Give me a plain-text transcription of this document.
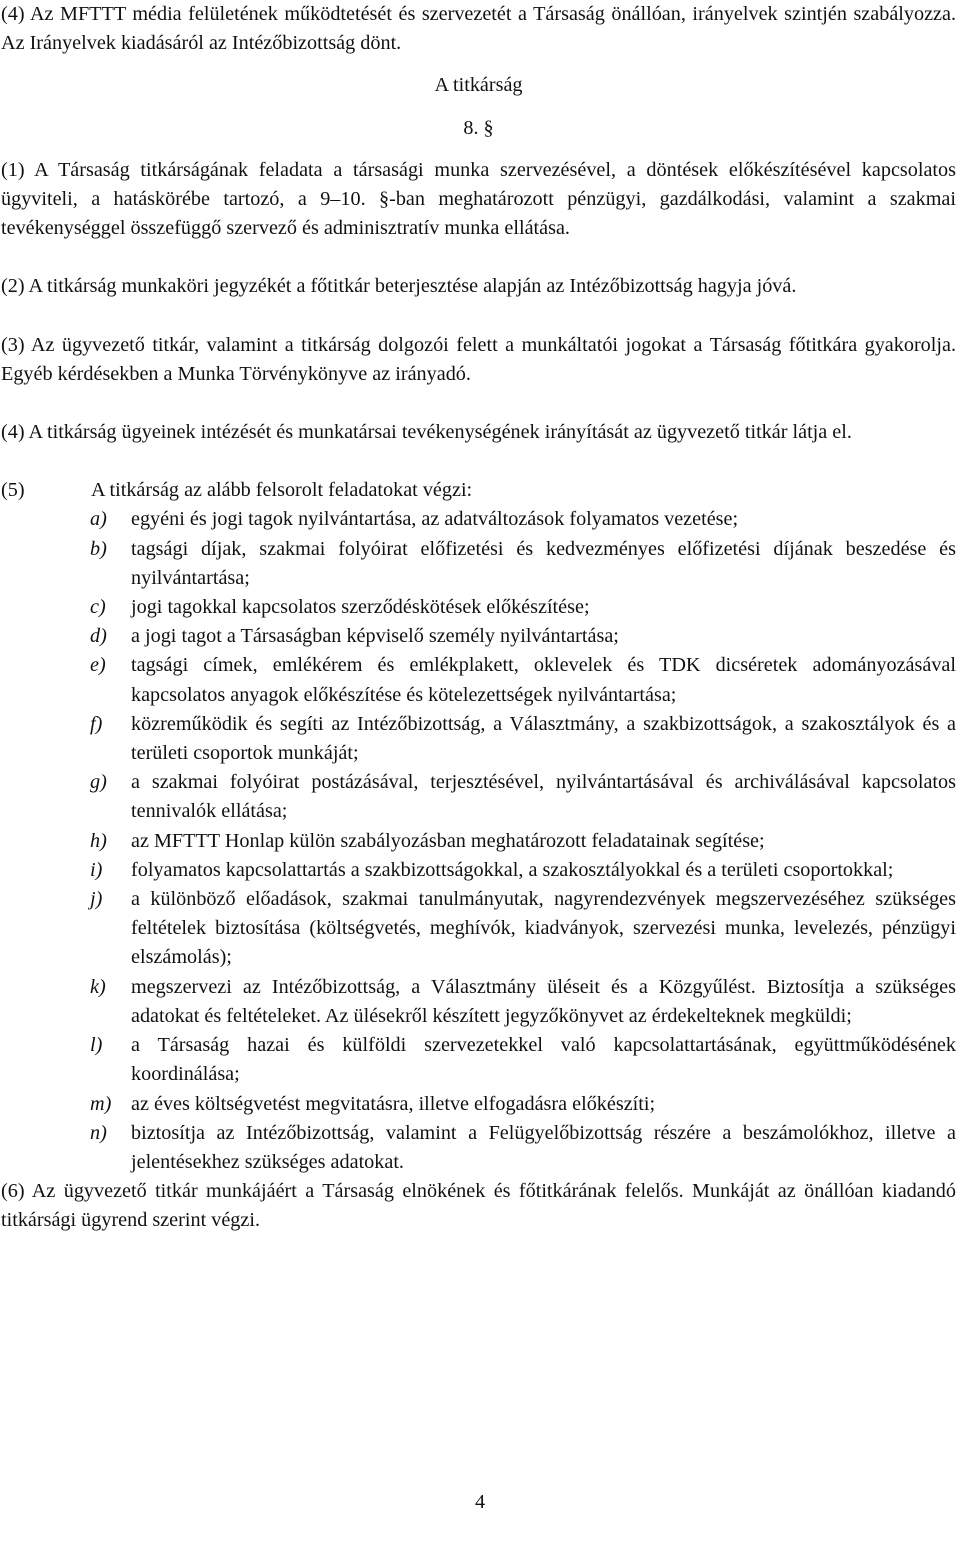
(4) Az MFTTT média felületének működtetését és szervezetét a Társaság önállóan, irányelvek szintjén szabályozza. Az Irányelvek kiadásáról az Intézőbizottság dönt.

A titkárság

8. §

(1) A Társaság titkárságának feladata a társasági munka szervezésével, a döntések előkészítésével kapcsolatos ügyviteli, a hatáskörébe tartozó, a 9–10. §-ban meghatározott pénzügyi, gazdálkodási, valamint a szakmai tevékenységgel összefüggő szervező és adminisztratív munka ellátása.

(2) A titkárság munkaköri jegyzékét a főtitkár beterjesztése alapján az Intézőbizottság hagyja jóvá.

(3) Az ügyvezető titkár, valamint a titkárság dolgozói felett a munkáltatói jogokat a Társaság főtitkára gyakorolja. Egyéb kérdésekben a Munka Törvénykönyve az irányadó.

(4) A titkárság ügyeinek intézését és munkatársai tevékenységének irányítását az ügyvezető titkár látja el.

(5)	A titkárság az alább felsorolt feladatokat végzi:
a)	egyéni és jogi tagok nyilvántartása, az adatváltozások folyamatos vezetése;
b)	tagsági díjak, szakmai folyóirat előfizetési és kedvezményes előfizetési díjának beszedése és nyilvántartása;
c)	jogi tagokkal kapcsolatos szerződéskötések előkészítése;
d)	a jogi tagot a Társaságban képviselő személy nyilvántartása;
e)	tagsági címek, emlékérem és emlékplakett, oklevelek és TDK dicséretek adományozásával kapcsolatos anyagok előkészítése és kötelezettségek nyilvántartása;
f)	közreműködik és segíti az Intézőbizottság, a Választmány, a szakbizottságok, a szakosztályok és a területi csoportok munkáját;
g)	a szakmai folyóirat postázásával, terjesztésével, nyilvántartásával és archiválásával kapcsolatos tennivalók ellátása;
h)	az MFTTT Honlap külön szabályozásban meghatározott feladatainak segítése;
i)	folyamatos kapcsolattartás a szakbizottságokkal, a szakosztályokkal és a területi csoportokkal;
j)	a különböző előadások, szakmai tanulmányutak, nagyrendezvények megszervezéséhez szükséges feltételek biztosítása (költségvetés, meghívók, kiadványok, szervezési munka, levelezés, pénzügyi elszámolás);
k)	megszervezi az Intézőbizottság, a Választmány üléseit és a Közgyűlést. Biztosítja a szükséges adatokat és feltételeket. Az ülésekről készített jegyzőkönyvet az érdekelteknek megküldi;
l)	a Társaság hazai és külföldi szervezetekkel való kapcsolattartásának, együttműködésének koordinálása;
m) az éves költségvetést megvitatásra, illetve elfogadásra előkészíti;
n)	biztosítja az Intézőbizottság, valamint a Felügyelőbizottság részére a beszámolókhoz, illetve a jelentésekhez szükséges adatokat.

(6) Az ügyvezető titkár munkájáért a Társaság elnökének és főtitkárának felelős. Munkáját az önállóan kiadandó titkársági ügyrend szerint végzi.

4
